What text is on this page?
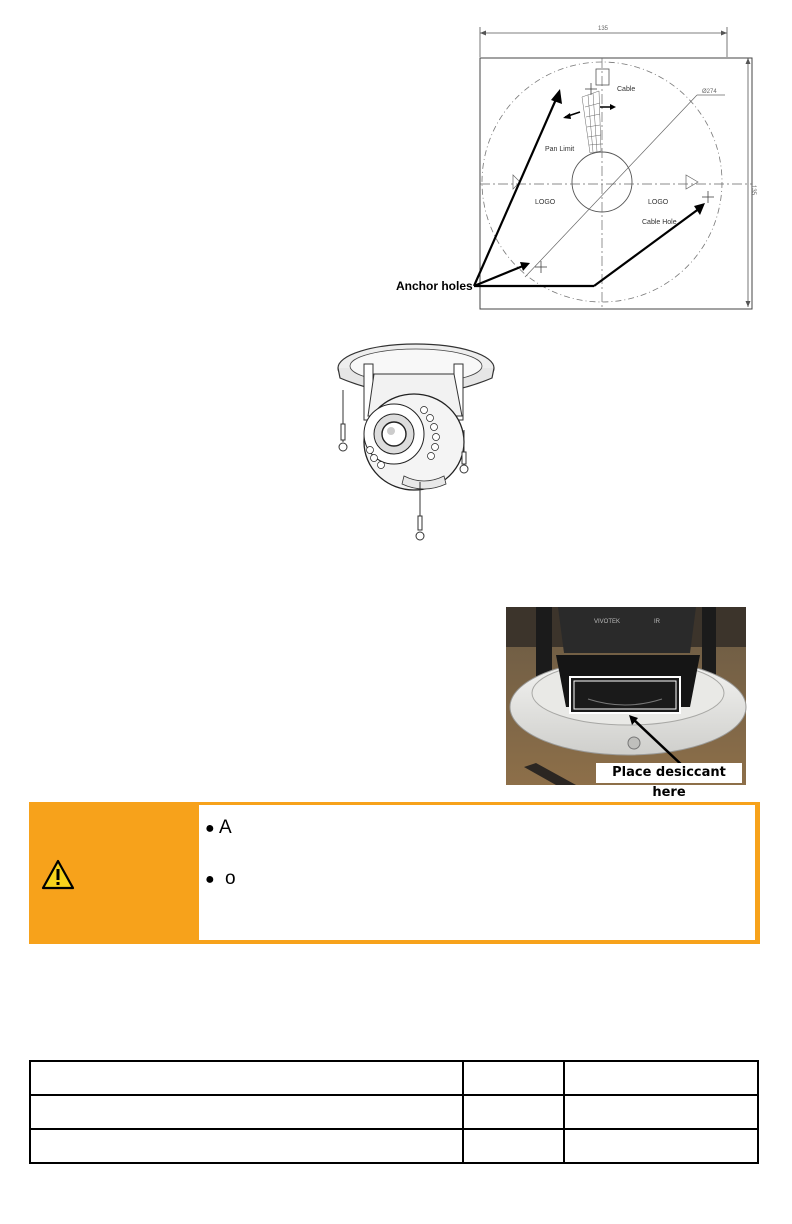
135
135
Ø274
Cable
Pan Limit
LOGO	LOGO
Cable Hole
Anchor holes
VIVOTEK	IR
Place desiccant here
● A
● o
